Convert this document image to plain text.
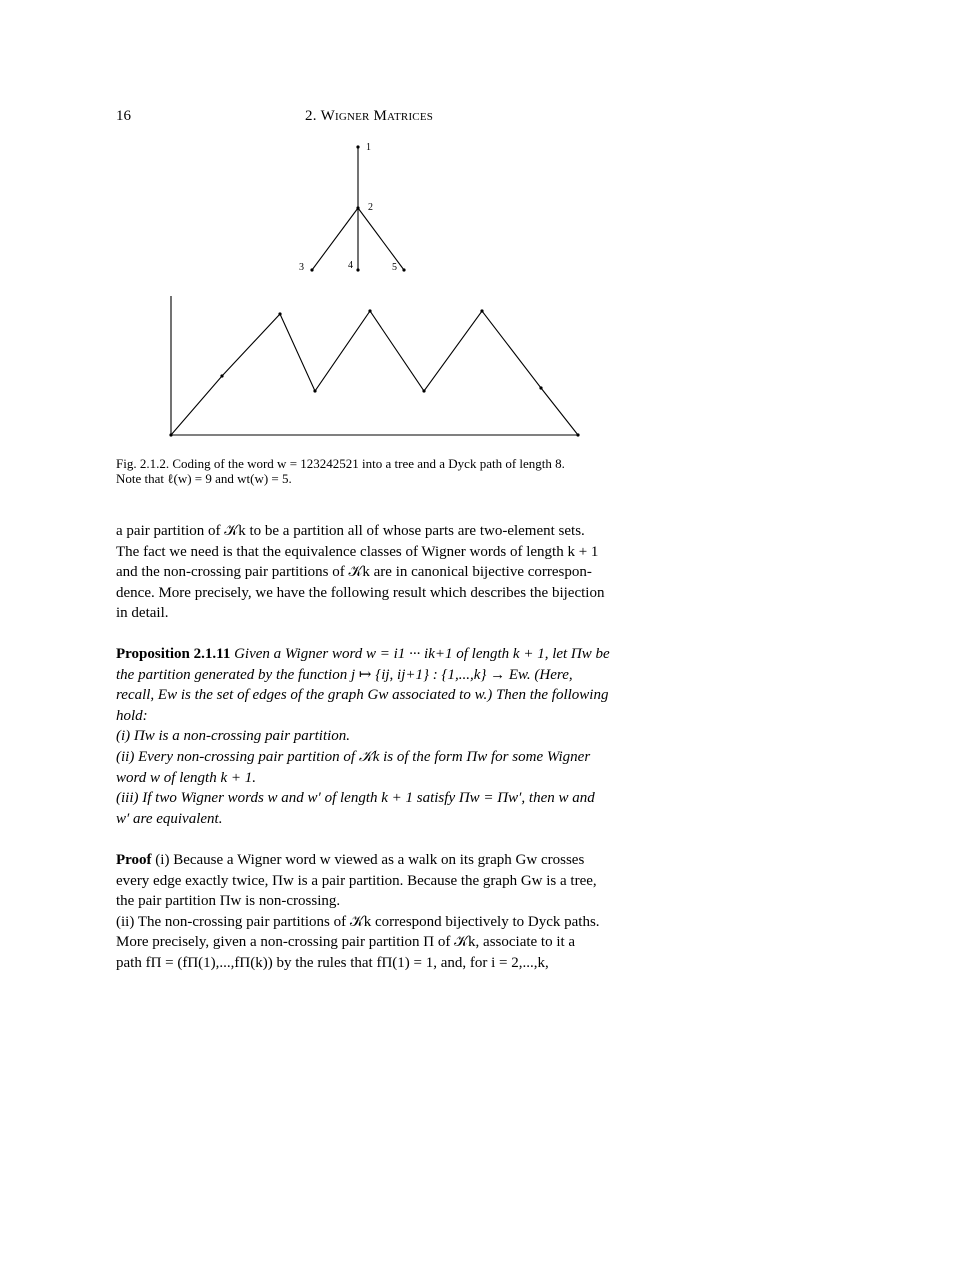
16	2. Wigner Matrices
1
2
3	4	5
Fig. 2.1.2. Coding of the word w = 123242521 into a tree and a Dyck path of length 8.
Note that ℓ(w) = 9 and wt(w) = 5.
a pair partition of 𝒦k to be a partition all of whose parts are two-element sets.
The fact we need is that the equivalence classes of Wigner words of length k + 1
and the non-crossing pair partitions of 𝒦k are in canonical bijective correspon-
dence. More precisely, we have the following result which describes the bijection
in detail.
Proposition 2.1.11 Given a Wigner word w = i1 ··· ik+1 of length k + 1, let Πw be
the partition generated by the function j ↦ {ij, ij+1} : {1,...,k} → Ew. (Here,
recall, Ew is the set of edges of the graph Gw associated to w.) Then the following
hold:
(i) Πw is a non-crossing pair partition.
(ii) Every non-crossing pair partition of 𝒦k is of the form Πw for some Wigner
word w of length k + 1.
(iii) If two Wigner words w and w′ of length k + 1 satisfy Πw = Πw′, then w and
w′ are equivalent.
Proof (i) Because a Wigner word w viewed as a walk on its graph Gw crosses
every edge exactly twice, Πw is a pair partition. Because the graph Gw is a tree,
the pair partition Πw is non-crossing.
(ii) The non-crossing pair partitions of 𝒦k correspond bijectively to Dyck paths.
More precisely, given a non-crossing pair partition Π of 𝒦k, associate to it a
path fΠ = (fΠ(1),...,fΠ(k)) by the rules that fΠ(1) = 1, and, for i = 2,...,k,
